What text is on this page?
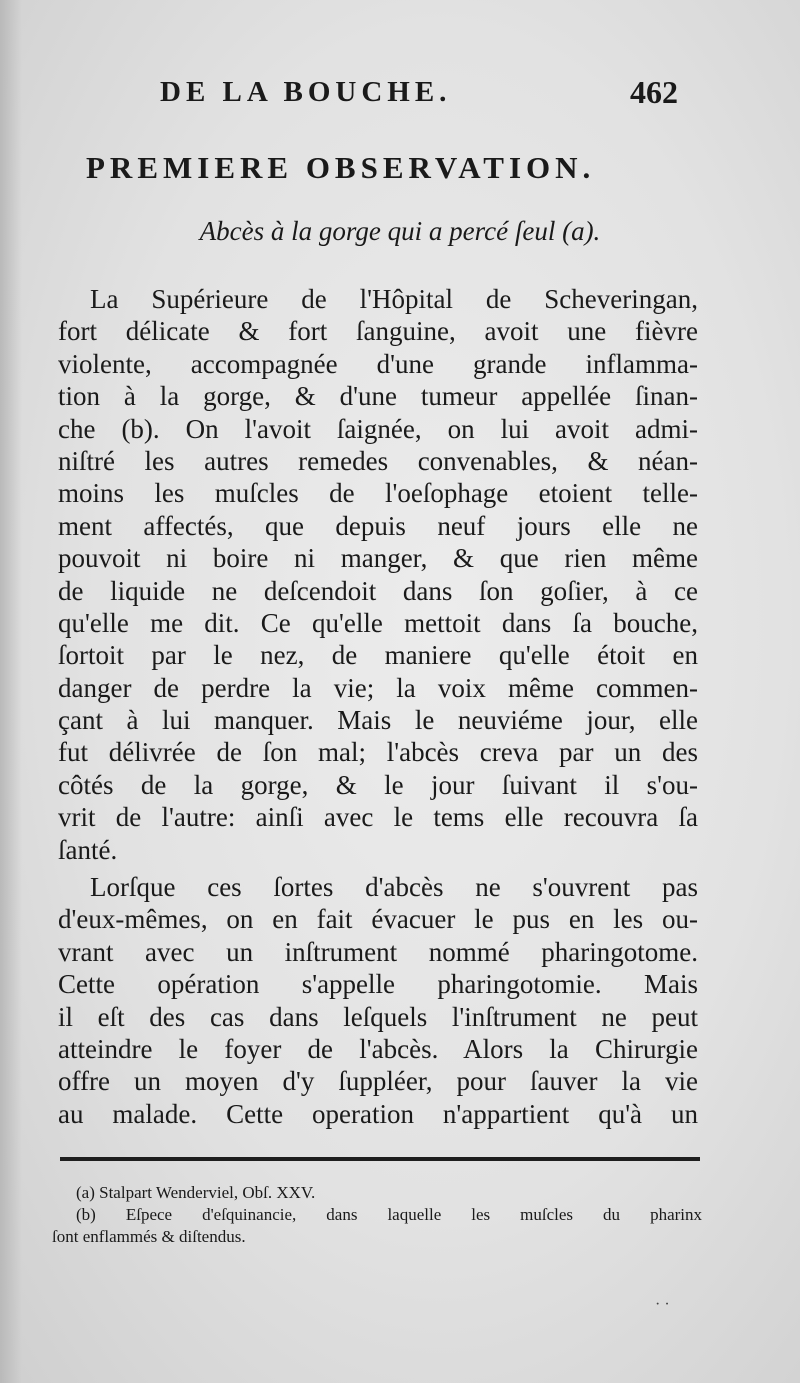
DE LA BOUCHE.	462
PREMIERE OBSERVATION.
Abcès à la gorge qui a percé ſeul (a).
La Supérieure de l'Hôpital de Scheveringan,
fort délicate & fort ſanguine, avoit une fièvre
violente, accompagnée d'une grande inflamma-
tion à la gorge, & d'une tumeur appellée ſinan-
che (b). On l'avoit ſaignée, on lui avoit admi-
niſtré les autres remedes convenables, & néan-
moins les muſcles de l'oeſophage etoient telle-
ment affectés, que depuis neuf jours elle ne
pouvoit ni boire ni manger, & que rien même
de liquide ne deſcendoit dans ſon goſier, à ce
qu'elle me dit. Ce qu'elle mettoit dans ſa bouche,
ſortoit par le nez, de maniere qu'elle étoit en
danger de perdre la vie; la voix même commen-
çant à lui manquer. Mais le neuviéme jour, elle
fut délivrée de ſon mal; l'abcès creva par un des
côtés de la gorge, & le jour ſuivant il s'ou-
vrit de l'autre: ainſi avec le tems elle recouvra ſa
ſanté.
Lorſque ces ſortes d'abcès ne s'ouvrent pas
d'eux-mêmes, on en fait évacuer le pus en les ou-
vrant avec un inſtrument nommé pharingotome.
Cette opération s'appelle pharingotomie. Mais
il eſt des cas dans leſquels l'inſtrument ne peut
atteindre le foyer de l'abcès. Alors la Chirurgie
offre un moyen d'y ſuppléer, pour ſauver la vie
au malade. Cette operation n'appartient qu'à un
(a) Stalpart Wenderviel, Obſ. XXV.
(b) Eſpece d'eſquinancie, dans laquelle les muſcles du pharinx
ſont enflammés & diſtendus.
· ·
